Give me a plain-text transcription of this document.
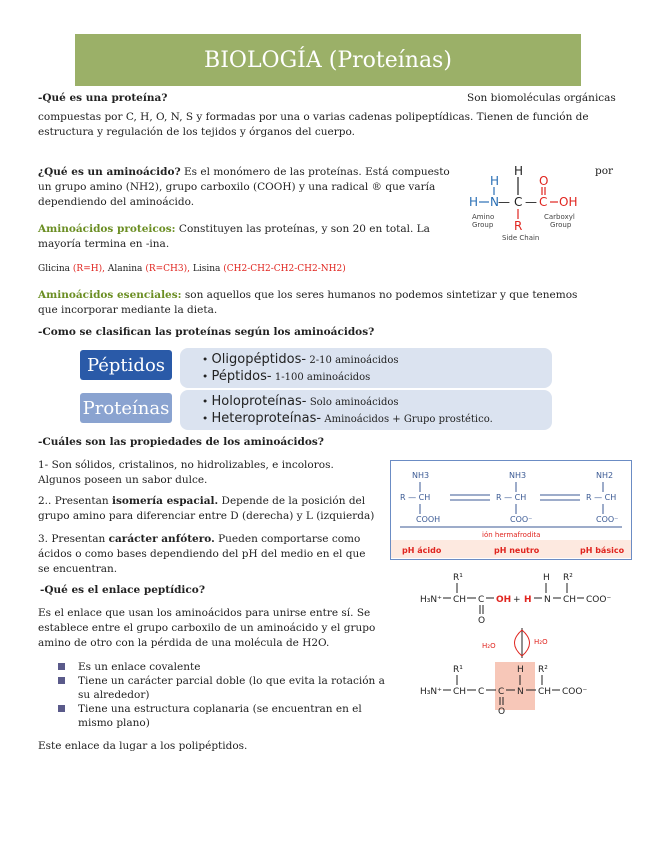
BIOLOGÍA (Proteínas)
-Qué es una proteína?	Son biomoléculas orgánicas
compuestas por C, H, O, N, S y formadas por una o varias cadenas polipeptídicas. Tienen de función de estructura y regulación de los tejidos y órganos del cuerpo.
¿Qué es un aminoácido? Es el monómero de las proteínas. Está compuesto
un grupo amino (NH2), grupo carboxilo (COOH) y una radical ® que varía dependiendo del aminoácido.
por
H
H N —
H
C —
O
C OH
R
Amino
Group
Carboxyl
Group
Side Chain
—
Aminoácidos proteicos: Constituyen las proteínas, y son 20 en total. La mayoría termina en -ina.
Glicina (R=H), Alanina (R=CH3), Lisina (CH2-CH2-CH2-CH2-NH2)
Aminoácidos esenciales: son aquellos que los seres humanos no podemos sintetizar y que tenemos que incorporar mediante la dieta.
-Como se clasifican las proteínas según los aminoácidos?
Péptidos	• Oligopéptidos- 2-10 aminoácidos
• Péptidos- 1-100 aminoácidos
Proteínas	• Holoproteínas- Solo aminoácidos
• Heteroproteínas- Aminoácidos + Grupo prostético.
-Cuáles son las propiedades de los aminoácidos?
1- Son sólidos, cristalinos, no hidrolizables, e incoloros. Algunos poseen un sabor dulce.
2.. Presentan isomería espacial. Depende de la posición del grupo amino para diferenciar entre D (derecha) y L (izquierda)
3. Presentan carácter anfótero. Pueden comportarse como ácidos o como bases dependiendo del pH del medio en el que se encuentran.
NH3	NH3	NH2
R — CH	R — CH	R — CH
COOH	COO⁻	COO⁻
ión hermafrodita
pH ácido	pH neutro	pH básico
-Qué es el enlace peptídico?
Es el enlace que usan los aminoácidos para unirse entre sí. Se establece entre el grupo carboxilo de un aminoácido y el grupo amino de otro con la pérdida de una molécula de H2O.
Es un enlace covalente
Tiene un carácter parcial doble (lo que evita la rotación a su alrededor)
Tiene una estructura coplanaria (se encuentran en el mismo plano)
Este enlace da lugar a los polipéptidos.
R¹	H R²
H₃N⁺ CH C OH + H N CH COO⁻
O
H₂O	H₂O
R¹	H R²
H₃N⁺ CH C C N CH COO⁻
O
